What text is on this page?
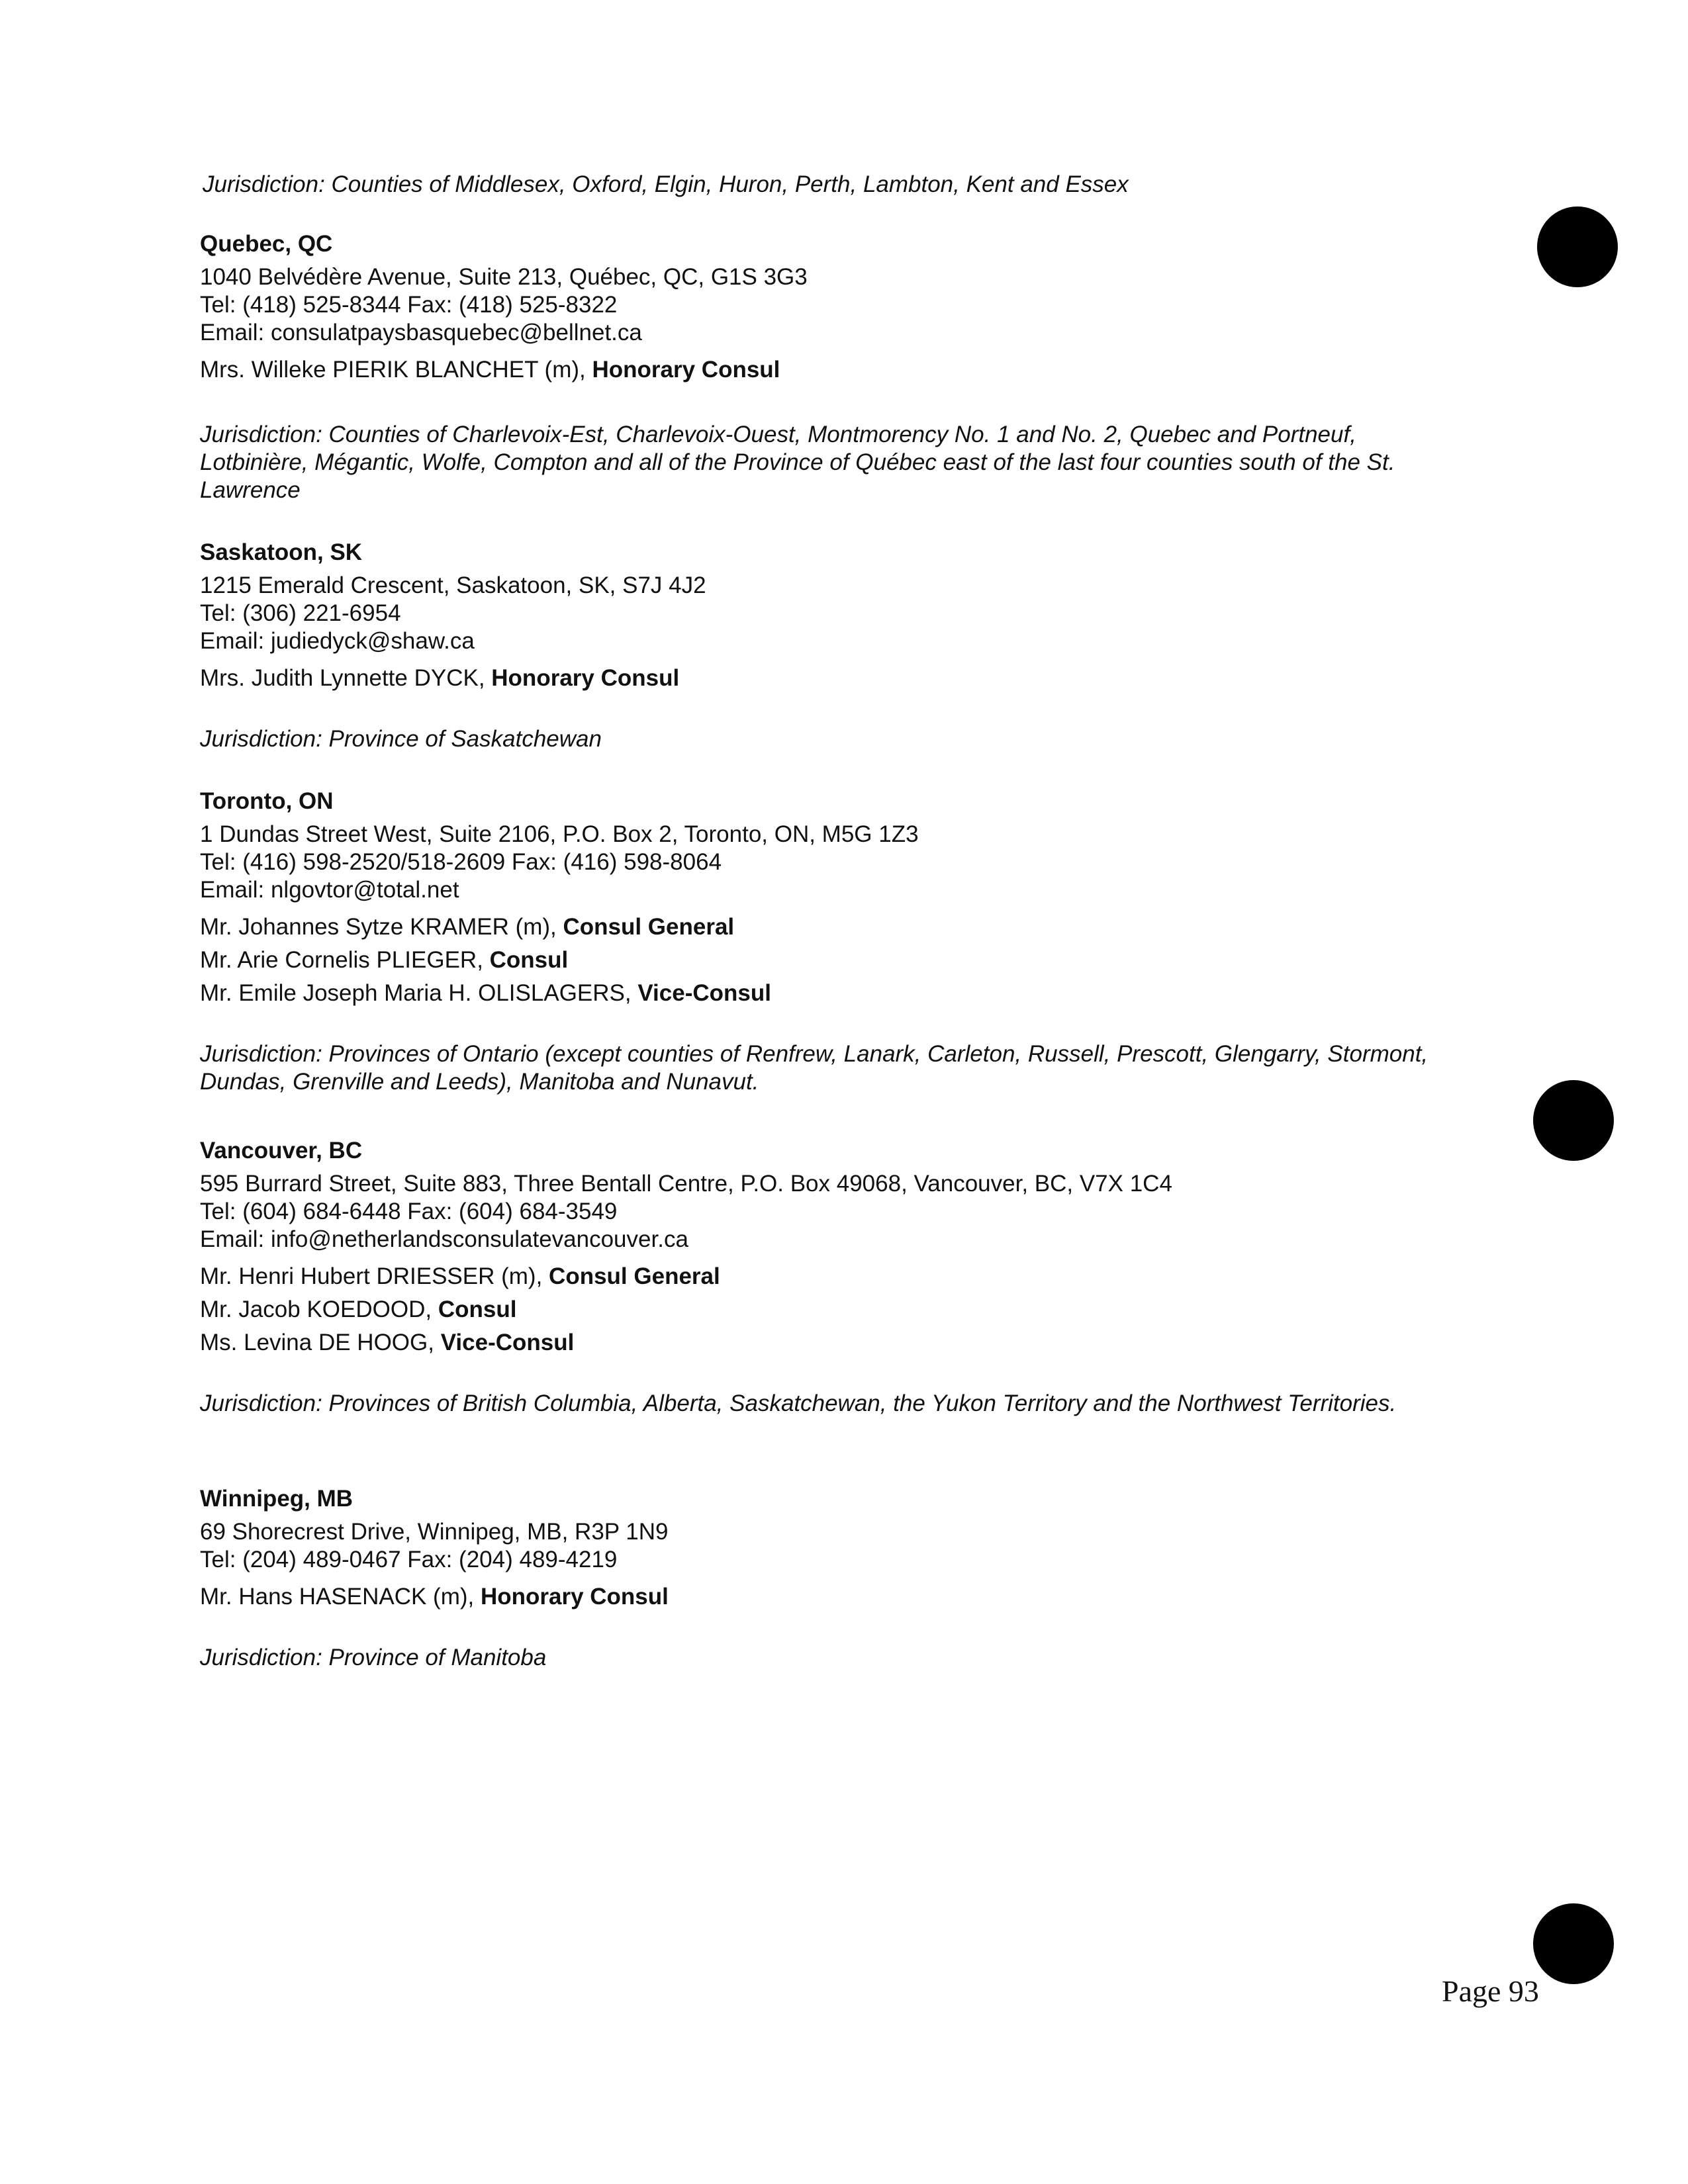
Jurisdiction: Counties of Middlesex, Oxford, Elgin, Huron, Perth, Lambton, Kent and Essex
Quebec, QC
1040 Belvédère Avenue, Suite 213, Québec, QC, G1S 3G3
Tel: (418) 525-8344 Fax: (418) 525-8322
Email: consulatpaysbasquebec@bellnet.ca
Mrs. Willeke PIERIK BLANCHET (m), Honorary Consul
Jurisdiction: Counties of Charlevoix-Est, Charlevoix-Ouest, Montmorency No. 1 and No. 2, Quebec and Portneuf,
Lotbinière, Mégantic, Wolfe, Compton and all of the Province of Québec east of the last four counties south of the St.
Lawrence
Saskatoon, SK
1215 Emerald Crescent, Saskatoon, SK, S7J 4J2
Tel: (306) 221-6954
Email: judiedyck@shaw.ca
Mrs. Judith Lynnette DYCK, Honorary Consul
Jurisdiction: Province of Saskatchewan
Toronto, ON
1 Dundas Street West, Suite 2106, P.O. Box 2, Toronto, ON, M5G 1Z3
Tel: (416) 598-2520/518-2609 Fax: (416) 598-8064
Email: nlgovtor@total.net
Mr. Johannes Sytze KRAMER (m), Consul General
Mr. Arie Cornelis PLIEGER, Consul
Mr. Emile Joseph Maria H. OLISLAGERS, Vice-Consul
Jurisdiction: Provinces of Ontario (except counties of Renfrew, Lanark, Carleton, Russell, Prescott, Glengarry, Stormont,
Dundas, Grenville and Leeds), Manitoba and Nunavut.
Vancouver, BC
595 Burrard Street, Suite 883, Three Bentall Centre, P.O. Box 49068, Vancouver, BC, V7X 1C4
Tel: (604) 684-6448 Fax: (604) 684-3549
Email: info@netherlandsconsulatevancouver.ca
Mr. Henri Hubert DRIESSER (m), Consul General
Mr. Jacob KOEDOOD, Consul
Ms. Levina DE HOOG, Vice-Consul
Jurisdiction: Provinces of British Columbia, Alberta, Saskatchewan, the Yukon Territory and the Northwest Territories.
Winnipeg, MB
69 Shorecrest Drive, Winnipeg, MB, R3P 1N9
Tel: (204) 489-0467 Fax: (204) 489-4219
Mr. Hans HASENACK (m), Honorary Consul
Jurisdiction: Province of Manitoba
Page 93
